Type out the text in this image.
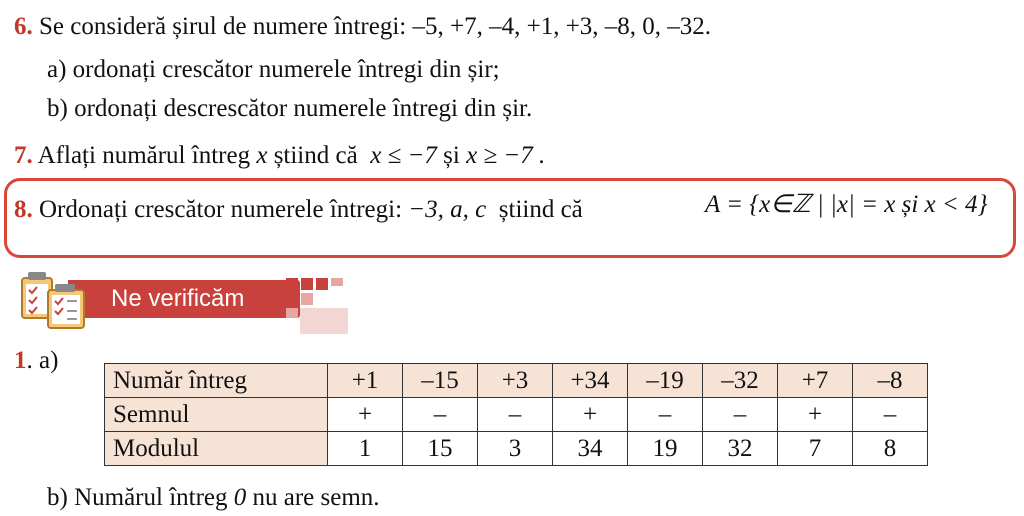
6. Se consideră șirul de numere întregi: –5, +7, –4, +1, +3, –8, 0, –32.
a) ordonați crescător numerele întregi din șir;
b) ordonați descrescător numerele întregi din șir.
7. Aflați numărul întreg x știind că x ≤ −7 și x ≥ −7 .
8. Ordonați crescător numerele întregi: −3, a, c știind că	A = {x∈ℤ | |x| = x și x < 4}
Ne verificăm
1. a)
Număr întreg	+1	–15	+3	+34	–19	–32	+7	–8
Semnul	+	–	–	+	–	–	+	–
Modulul	1	15	3	34	19	32	7	8
b) Numărul întreg 0 nu are semn.
